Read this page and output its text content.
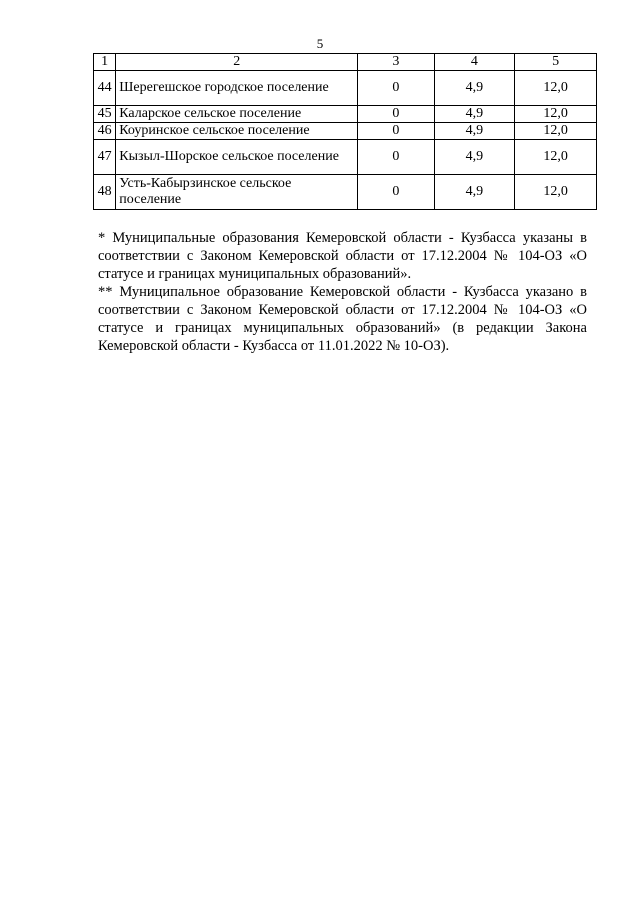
5
1	2	3	4	5
44	Шерегешское городское поселение	0	4,9	12,0
45	Каларское сельское поселение	0	4,9	12,0
46	Коуринское сельское поселение	0	4,9	12,0
47	Кызыл-Шорское сельское поселение	0	4,9	12,0
48	Усть-Кабырзинское сельское поселение	0	4,9	12,0

* Муниципальные образования Кемеровской области - Кузбасса указаны в соответствии с Законом Кемеровской области от 17.12.2004 № 104-ОЗ «О статусе и границах муниципальных образований».

** Муниципальное образование Кемеровской области - Кузбасса указано в соответствии с Законом Кемеровской области от 17.12.2004 № 104-ОЗ «О статусе и границах муниципальных образований» (в редакции Закона Кемеровской области - Кузбасса от 11.01.2022 № 10-ОЗ).
